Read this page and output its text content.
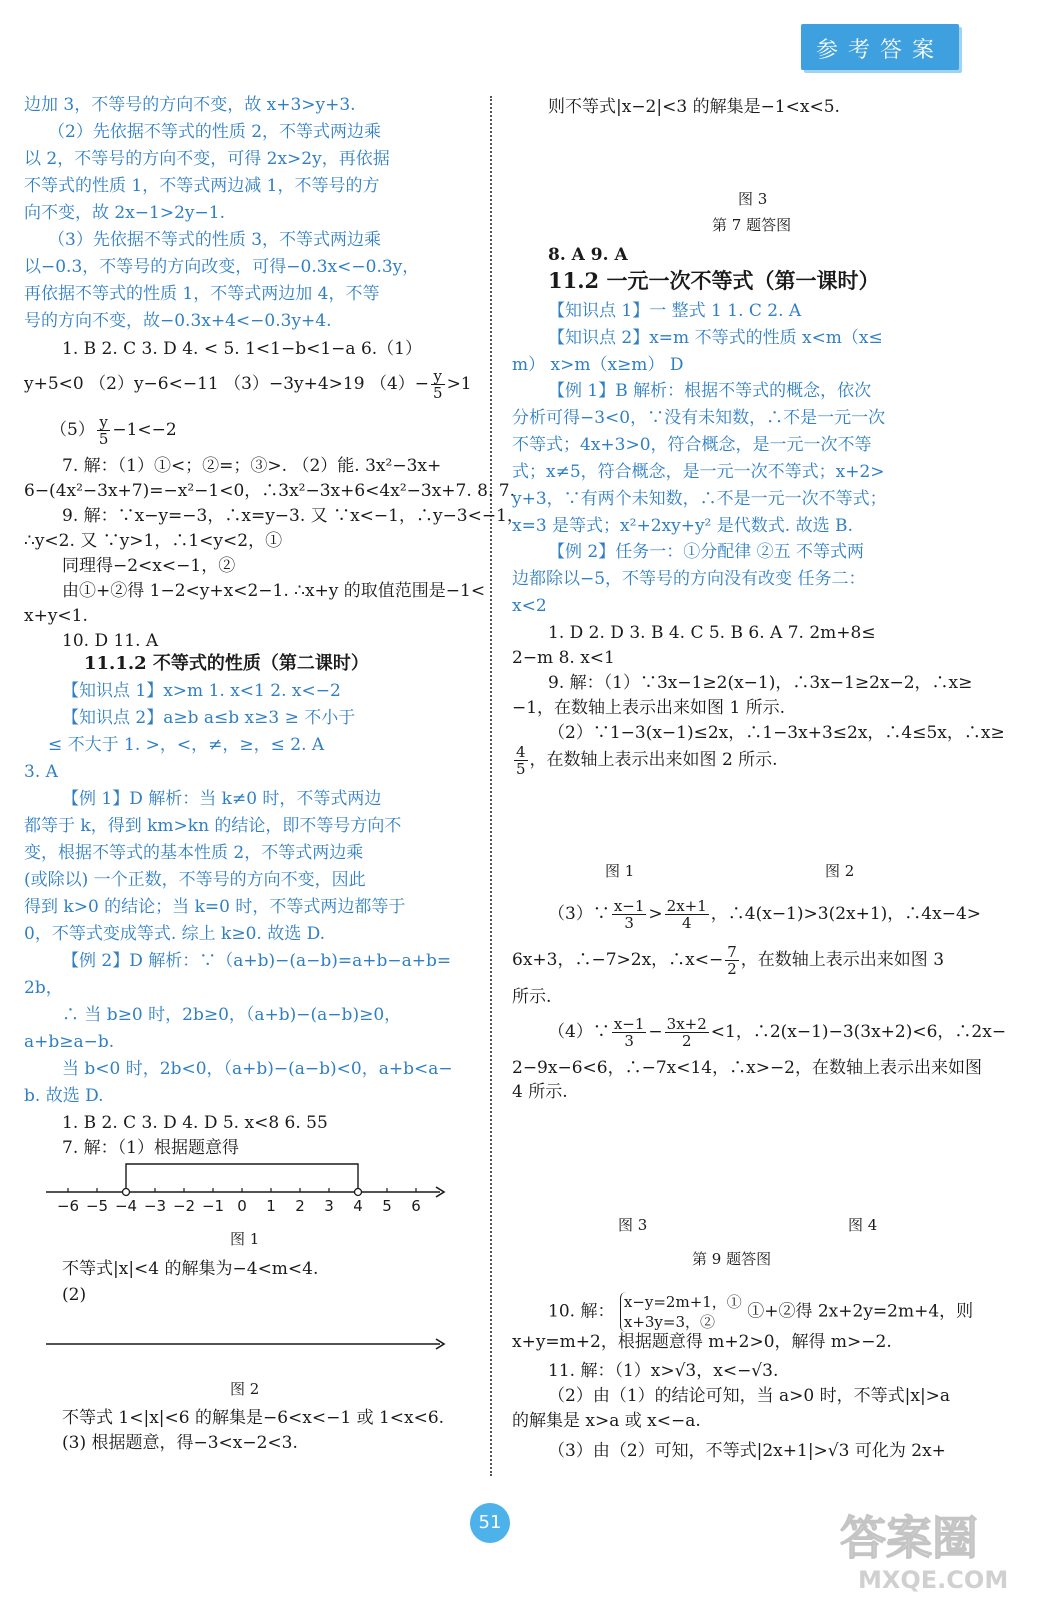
参考答案
边加 3，不等号的方向不变，故 x+3>y+3.
（2）先依据不等式的性质 2，不等式两边乘
以 2，不等号的方向不变，可得 2x>2y，再依据
不等式的性质 1，不等式两边减 1，不等号的方
向不变，故 2x−1>2y−1.
（3）先依据不等式的性质 3，不等式两边乘
以−0.3，不等号的方向改变，可得−0.3x<−0.3y，
再依据不等式的性质 1，不等式两边加 4，不等
号的方向不变，故−0.3x+4<−0.3y+4.
1. B 2. C 3. D 4. < 5. 1<1−b<1−a 6.（1）
y+5<0 （2）y−6<−11 （3）−3y+4>19 $(4)- \frac{y}{5} >1$
$(5) \frac{y}{5} -1<-2$
7. 解：（1）①<；②=；③>. （2）能. 3x²−3x+
6−(4x²−3x+7)=−x²−1<0，∴3x²−3x+6<4x²−3x+7. 8. 7.
9. 解：∵x−y=−3，∴x=y−3. 又 ∵x<−1，∴y−3<−1，
∴y<2. 又 ∵y>1，∴1<y<2，①
同理得−2<x<−1，②
由①+②得 1−2<y+x<2−1. ∴x+y 的取值范围是−1<
x+y<1.
10. D 11. A
11.1.2 不等式的性质（第二课时）
【知识点 1】x>m 1. x<1 2. x<−2
【知识点 2】a≥b a≤b x≥3 ≥ 不小于
≤ 不大于 1. >，<，≠，≥，≤ 2. A
3. A
【例 1】D 解析：当 k≠0 时，不等式两边
都等于 k，得到 km>kn 的结论，即不等号方向不
变，根据不等式的基本性质 2，不等式两边乘
(或除以) 一个正数，不等号的方向不变，因此
得到 k>0 的结论；当 k=0 时，不等式两边都等于
0，不等式变成等式. 综上 k≥0. 故选 D.
【例 2】D 解析：∵（a+b)−(a−b)=a+b−a+b=
2b，
∴ 当 b≥0 时，2b≥0，（a+b)−(a−b)≥0，
a+b≥a−b.
当 b<0 时，2b<0，（a+b)−(a−b)<0，a+b<a−
b. 故选 D.
1. B 2. C 3. D 4. D 5. x<8 6. 55
7. 解：（1）根据题意得
−6 −5 −4 −3 −2 −1 0 1 2 3 4 5 6
图 1
不等式|x|<4 的解集为−4<m<4.
(2)
图 2
不等式 1<|x|<6 的解集是−6<x<−1 或 1<x<6.
(3) 根据题意，得−3<x−2<3.
则不等式|x−2|<3 的解集是−1<x<5.
图 3
第 7 题答图
8. A 9. A
11.2 一元一次不等式（第一课时）
【知识点 1】一 整式 1 1. C 2. A
【知识点 2】x=m 不等式的性质 x<m（x≤
m） x>m（x≥m） D
【例 1】B 解析：根据不等式的概念，依次
分析可得−3<0，∵没有未知数，∴不是一元一次
不等式；4x+3>0，符合概念，是一元一次不等
式；x≠5，符合概念，是一元一次不等式；x+2>
y+3，∵有两个未知数，∴不是一元一次不等式；
x=3 是等式；x²+2xy+y² 是代数式. 故选 B.
【例 2】任务一：①分配律 ②五 不等式两
边都除以−5，不等号的方向没有改变 任务二：
x<2
1. D 2. D 3. B 4. C 5. B 6. A 7. 2m+8≤
2−m 8. x<1
9. 解：（1）∵3x−1≥2(x−1)，∴3x−1≥2x−2，∴x≥
−1，在数轴上表示出来如图 1 所示.
（2）∵1−3(x−1)≤2x，∴1−3x+3≤2x，∴4≤5x，∴x≥
$\frac{4}{5}$ ，在数轴上表示出来如图 2 所示.
图 1	图 2
（3）∵ $\frac{x-1}{3} > \frac{2x+1}{4}$ ，∴4(x−1)>3(2x+1)，∴4x−4>
6x+3，∴−7>2x，∴x<− $\frac{7}{2}$ ，在数轴上表示出来如图 3
所示.
（4）∵ $\frac{x-1}{3} - \frac{3x+2}{2} <1$，∴2(x−1)−3(3x+2)<6，∴2x−
2−9x−6<6，∴−7x<14，∴x>−2，在数轴上表示出来如图
4 所示.
图 3	图 4
第 9 题答图
10. 解： x−y=2m+1，①
x+3y=3，②
①+②得 2x+2y=2m+4，则
x+y=m+2，根据题意得 m+2>0，解得 m>−2.
11. 解：（1）x>√3，x<−√3.
（2）由（1）的结论可知，当 a>0 时，不等式|x|>a
的解集是 x>a 或 x<−a.
（3）由（2）可知，不等式|2x+1|>√3 可化为 2x+
51	答案圈
MXQE.COM
